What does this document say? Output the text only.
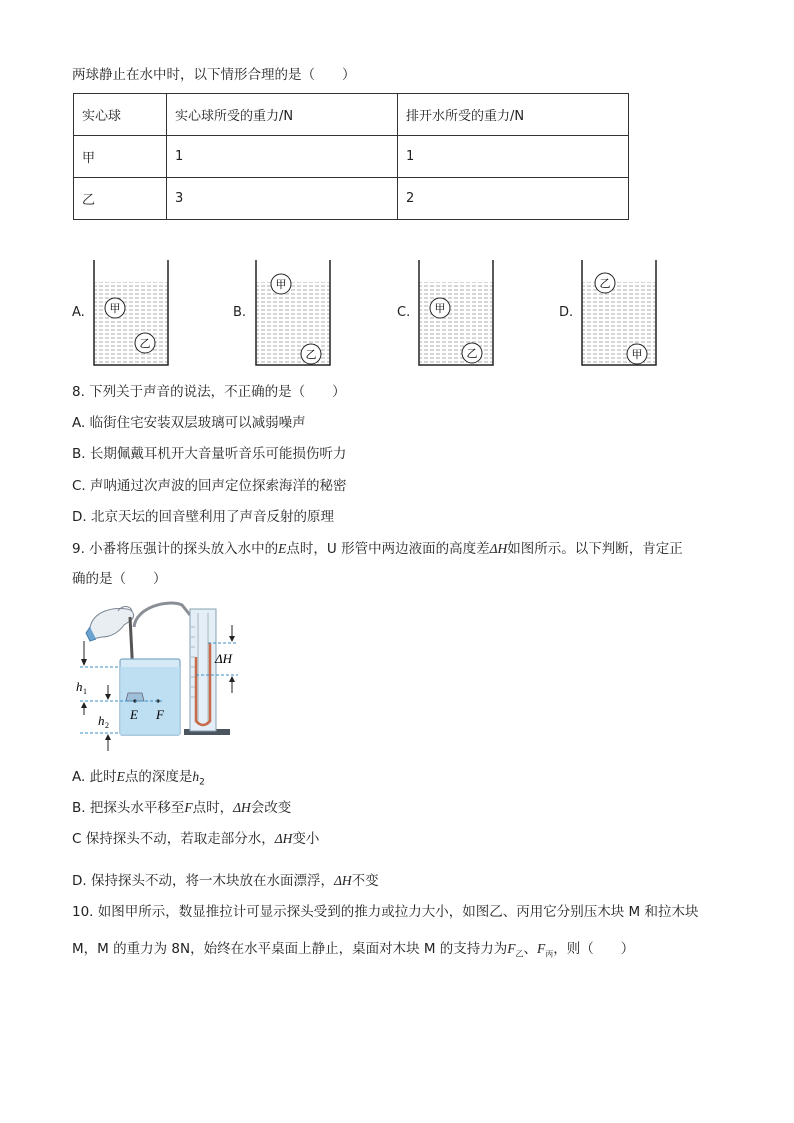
两球静止在水中时，以下情形合理的是（　　）
实心球	实心球所受的重力/N	排开水所受的重力/N
甲	1	1
乙	3	2
A. 甲
乙
B.
甲
乙
C. 甲
乙
D.
乙
甲
8. 下列关于声音的说法，不正确的是（　　）
A. 临街住宅安装双层玻璃可以减弱噪声
B. 长期佩戴耳机开大音量听音乐可能损伤听力
C. 声呐通过次声波的回声定位探索海洋的秘密
D. 北京天坛的回音壁利用了声音反射的原理
9. 小番将压强计的探头放入水中的E点时，U 形管中两边液面的高度差ΔH如图所示。以下判断，肯定正
确的是（　　）
E F
h 1
h 2
ΔH
A. 此时E点的深度是$h_2$
B. 把探头水平移至F点时，ΔH会改变
C 保持探头不动，若取走部分水，ΔH变小
D. 保持探头不动，将一木块放在水面漂浮，ΔH不变
10. 如图甲所示，数显推拉计可显示探头受到的推力或拉力大小，如图乙、丙用它分别压木块 M 和拉木块
M，M 的重力为 8N，始终在水平桌面上静止，桌面对木块 M 的支持力为$F_乙$、$F_丙$，则（　　）
